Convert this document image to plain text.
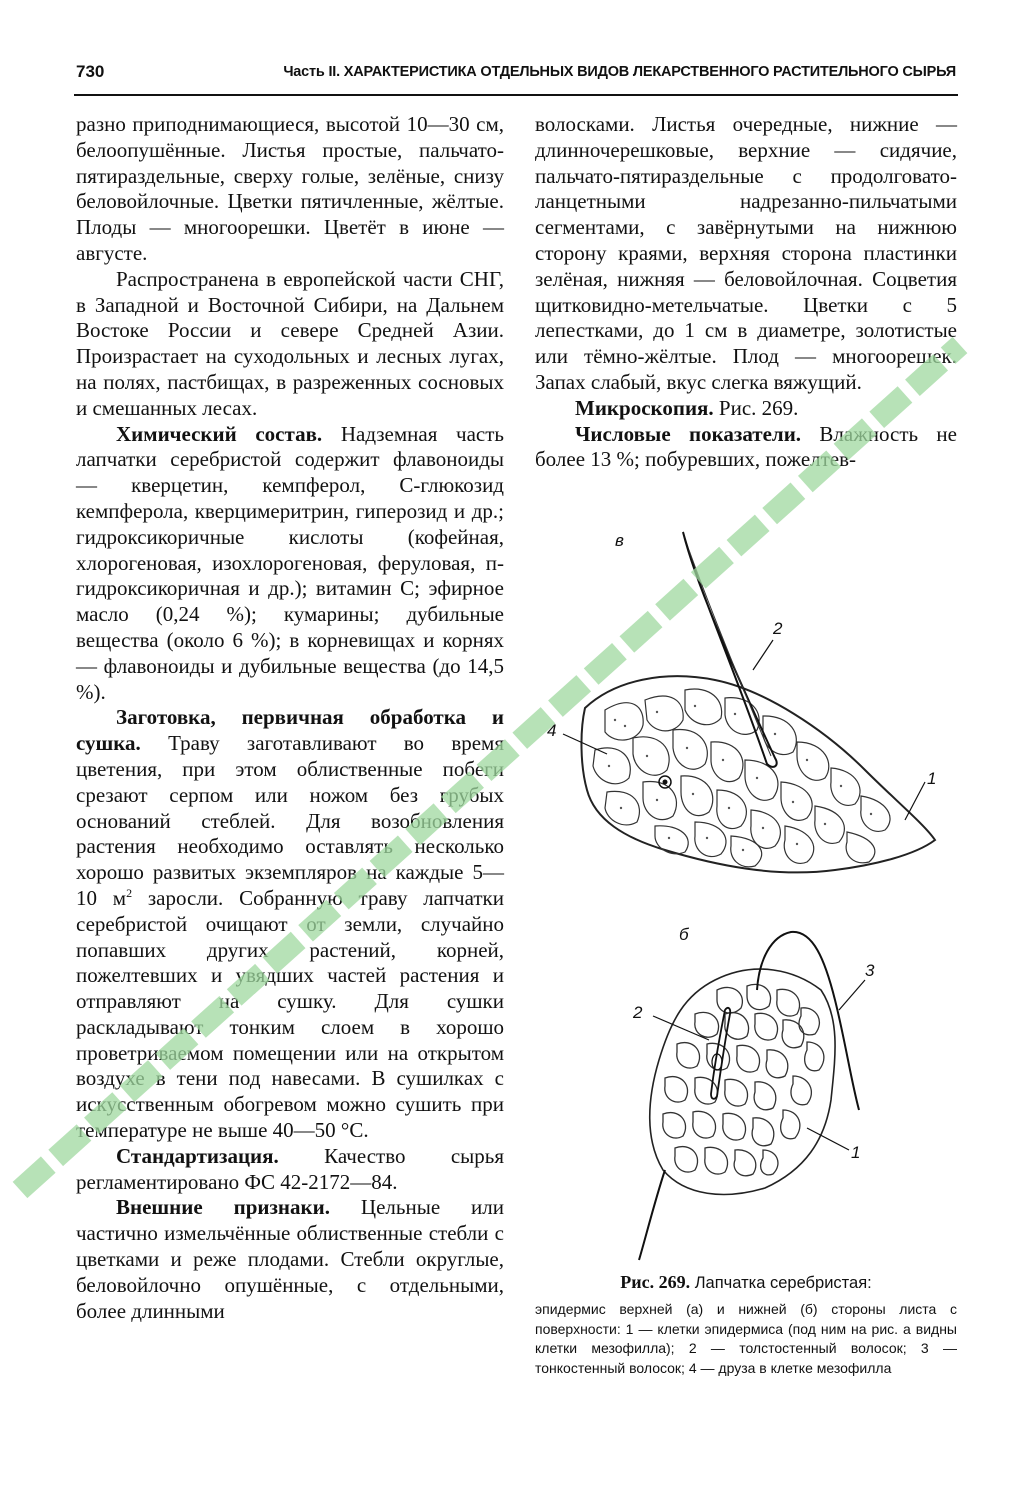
730	Часть II. ХАРАКТЕРИСТИКА ОТДЕЛЬНЫХ ВИДОВ ЛЕКАРСТВЕННОГО РАСТИТЕЛЬНОГО СЫРЬЯ

разно приподнимающиеся, высотой 10—30 см, белоопушённые. Листья простые, пальчато-пятираздельные, сверху голые, зелёные, снизу беловойлочные. Цветки пятичленные, жёлтые. Плоды — многоорешки. Цветёт в июне — августе.

Распространена в европейской части СНГ, в Западной и Восточной Сибири, на Дальнем Востоке России и севере Средней Азии. Произрастает на суходольных и лесных лугах, на полях, пастбищах, в разреженных сосновых и смешанных лесах.

Химический состав. Надземная часть лапчатки серебристой содержит флавоноиды — кверцетин, кемпферол, С-глюкозид кемпферола, кверцимеритрин, гиперозид и др.; гидроксикоричные кислоты (кофейная, хлорогеновая, изохлорогеновая, феруловая, п-гидроксикоричная и др.); витамин С; эфирное масло (0,24 %); кумарины; дубильные вещества (около 6 %); в корневищах и корнях — флавоноиды и дубильные вещества (до 14,5 %).

Заготовка, первичная обработка и сушка. Траву заготавливают во время цветения, при этом облиственные побеги срезают серпом или ножом без грубых оснований стеблей. Для возобновления растения необходимо оставлять несколько хорошо развитых экземпляров на каждые 5—10 $м^2$ заросли. Собранную траву лапчатки серебристой очищают от земли, случайно попавших других растений, корней, пожелтевших и увядших частей растения и отправляют на сушку. Для сушки раскладывают тонким слоем в хорошо проветриваемом помещении или на открытом воздухе в тени под навесами. В сушилках с искусственным обогревом можно сушить при температуре не выше 40—50 °С.

Стандартизация. Качество сырья регламентировано ФС 42-2172—84.

Внешние признаки. Цельные или частично измельчённые облиственные стебли с цветками и реже плодами. Стебли округлые, беловойлочно опушённые, с отдельными, более длинными

волосками. Листья очередные, нижние — длинночерешковые, верхние — сидячие, пальчато-пятираздельные с продолговато-ланцетными надрезанно-пильчатыми сегментами, с завёрнутыми на нижнюю сторону краями, верхняя сторона пластинки зелёная, нижняя — беловойлочная. Соцветия щитковидно-метельчатые. Цветки с 5 лепестками, до 1 см в диаметре, золотистые или тёмно-жёлтые. Плод — многоорешек. Запах слабый, вкус слегка вяжущий.

Микроскопия. Рис. 269.

Числовые показатели. Влажность не более 13 %; побуревших, пожелтев-

в
2
1
4
б
2
3
1
Рис. 269. Лапчатка серебристая:
эпидермис верхней (а) и нижней (б) стороны листа с поверхности: 1 — клетки эпидермиса (под ним на рис. а видны клетки мезофилла); 2 — толстостенный волосок; 3 — тонкостенный волосок; 4 — друза в клетке мезофилла
